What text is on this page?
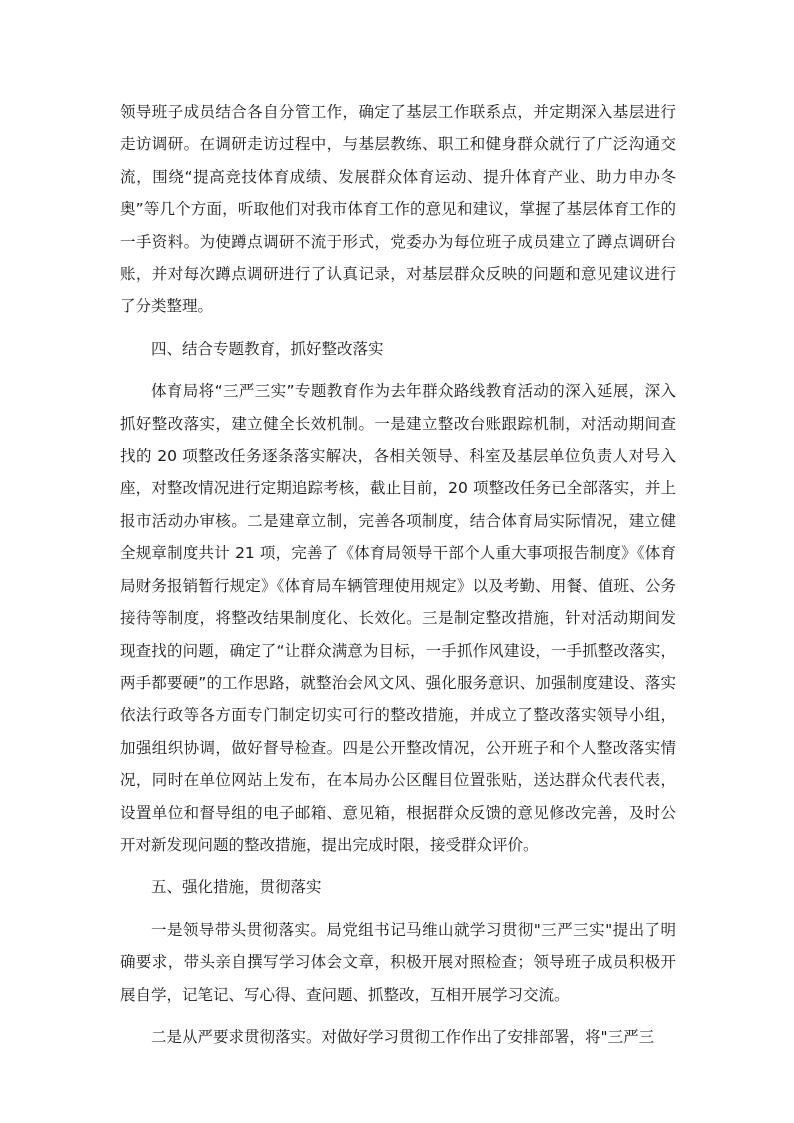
领导班子成员结合各自分管工作，确定了基层工作联系点，并定期深入基层进行走访调研。在调研走访过程中，与基层教练、职工和健身群众就行了广泛沟通交流，围绕“提高竞技体育成绩、发展群众体育运动、提升体育产业、助力申办冬奥”等几个方面，听取他们对我市体育工作的意见和建议，掌握了基层体育工作的一手资料。为使蹲点调研不流于形式，党委办为每位班子成员建立了蹲点调研台账，并对每次蹲点调研进行了认真记录，对基层群众反映的问题和意见建议进行了分类整理。

四、结合专题教育，抓好整改落实

体育局将“三严三实”专题教育作为去年群众路线教育活动的深入延展，深入抓好整改落实，建立健全长效机制。一是建立整改台账跟踪机制，对活动期间查找的 20 项整改任务逐条落实解决，各相关领导、科室及基层单位负责人对号入座，对整改情况进行定期追踪考核，截止目前，20 项整改任务已全部落实，并上报市活动办审核。二是建章立制，完善各项制度，结合体育局实际情况，建立健全规章制度共计 21 项，完善了《体育局领导干部个人重大事项报告制度》《体育局财务报销暂行规定》《体育局车辆管理使用规定》以及考勤、用餐、值班、公务接待等制度，将整改结果制度化、长效化。三是制定整改措施，针对活动期间发现查找的问题，确定了“让群众满意为目标，一手抓作风建设，一手抓整改落实，两手都要硬”的工作思路，就整治会风文风、强化服务意识、加强制度建设、落实依法行政等各方面专门制定切实可行的整改措施，并成立了整改落实领导小组，加强组织协调，做好督导检查。四是公开整改情况，公开班子和个人整改落实情况，同时在单位网站上发布，在本局办公区醒目位置张贴，送达群众代表代表，设置单位和督导组的电子邮箱、意见箱，根据群众反馈的意见修改完善，及时公开对新发现问题的整改措施，提出完成时限，接受群众评价。

五、强化措施，贯彻落实

一是领导带头贯彻落实。局党组书记马维山就学习贯彻"三严三实"提出了明确要求，带头亲自撰写学习体会文章，积极开展对照检查；领导班子成员积极开展自学，记笔记、写心得、查问题、抓整改，互相开展学习交流。

二是从严要求贯彻落实。对做好学习贯彻工作作出了安排部署，将"三严三
